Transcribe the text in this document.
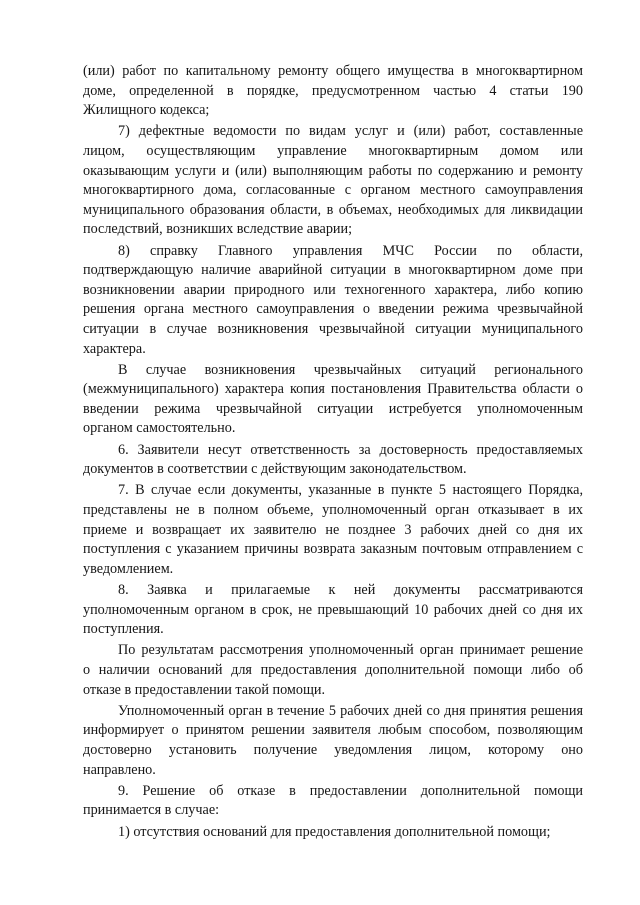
(или) работ по капитальному ремонту общего имущества в многоквартирном
доме, определенной в порядке, предусмотренном частью 4 статьи 190
Жилищного кодекса;
7) дефектные ведомости по видам услуг и (или) работ, составленные
лицом, осуществляющим управление многоквартирным домом или
оказывающим услуги и (или) выполняющим работы по содержанию и ремонту
многоквартирного дома, согласованные с органом местного самоуправления
муниципального образования области, в объемах, необходимых для ликвидации
последствий, возникших вследствие аварии;
8) справку Главного управления МЧС России по области,
подтверждающую наличие аварийной ситуации в многоквартирном доме при
возникновении аварии природного или техногенного характера, либо копию
решения органа местного самоуправления о введении режима чрезвычайной
ситуации в случае возникновения чрезвычайной ситуации муниципального
характера.
В случае возникновения чрезвычайных ситуаций регионального
(межмуниципального) характера копия постановления Правительства области о
введении режима чрезвычайной ситуации истребуется уполномоченным
органом самостоятельно.
6. Заявители несут ответственность за достоверность предоставляемых
документов в соответствии с действующим законодательством.
7. В случае если документы, указанные в пункте 5 настоящего Порядка,
представлены не в полном объеме, уполномоченный орган отказывает в их
приеме и возвращает их заявителю не позднее 3 рабочих дней со дня их
поступления с указанием причины возврата заказным почтовым отправлением с
уведомлением.
8. Заявка и прилагаемые к ней документы рассматриваются
уполномоченным органом в срок, не превышающий 10 рабочих дней со дня их
поступления.
По результатам рассмотрения уполномоченный орган принимает решение
о наличии оснований для предоставления дополнительной помощи либо об
отказе в предоставлении такой помощи.
Уполномоченный орган в течение 5 рабочих дней со дня принятия решения
информирует о принятом решении заявителя любым способом, позволяющим
достоверно установить получение уведомления лицом, которому оно
направлено.
9. Решение об отказе в предоставлении дополнительной помощи
принимается в случае:
1) отсутствия оснований для предоставления дополнительной помощи;
